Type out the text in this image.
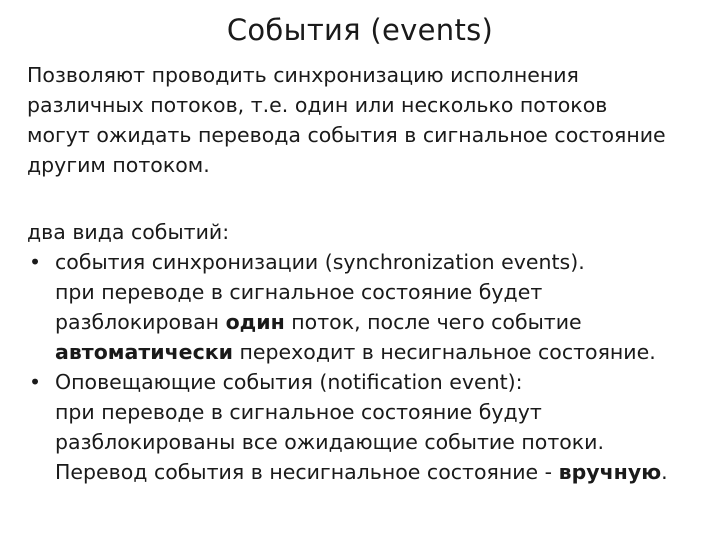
События (events)
Позволяют проводить синхронизацию исполнения
различных потоков, т.е. один или несколько потоков
могут ожидать перевода события в сигнальное состояние
другим потоком.
два вида событий:
• события синхронизации (synchronization events).
при переводе в сигнальное состояние будет
разблокирован один поток, после чего событие
автоматически переходит в несигнальное состояние.
• Оповещающие события (notification event):
при переводе в сигнальное состояние будут
разблокированы все ожидающие событие потоки.
Перевод события в несигнальное состояние - вручную.
